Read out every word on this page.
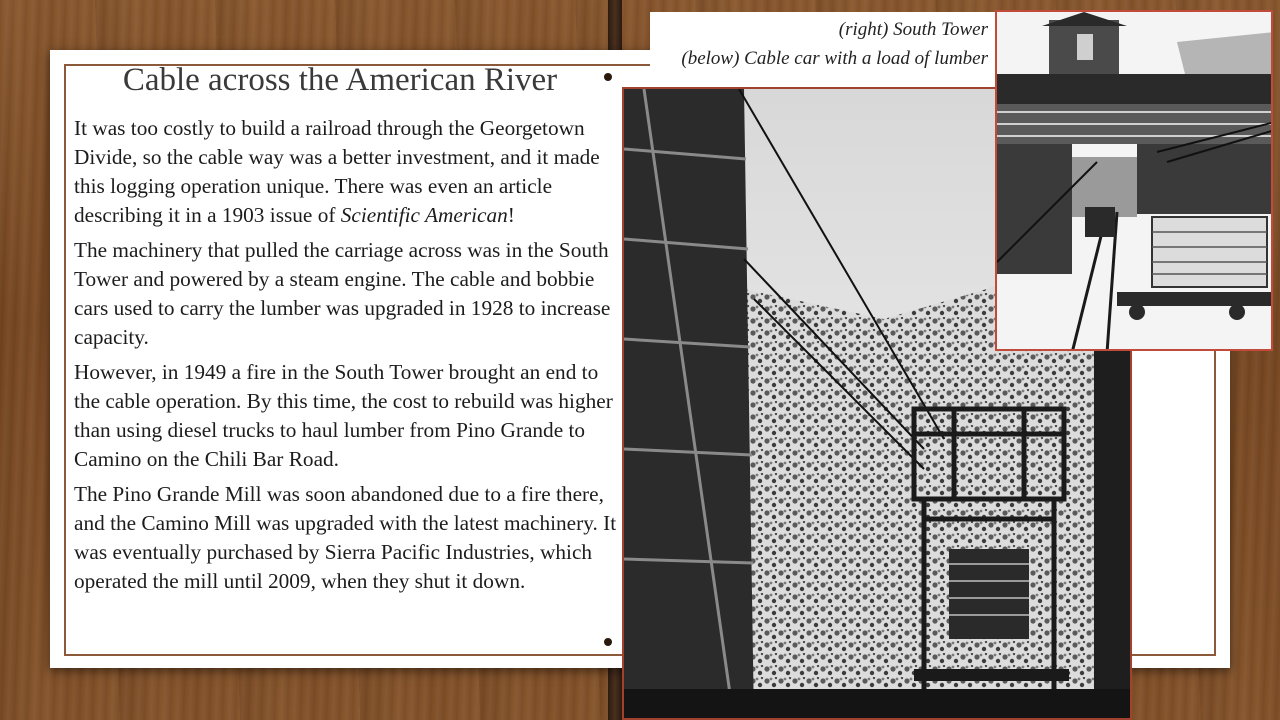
Cable across the American River

It was too costly to build a railroad through the Georgetown Divide, so the cable way was a better investment, and it made this logging operation unique. There was even an article describing it in a 1903 issue of Scientific American!

The machinery that pulled the carriage across was in the South Tower and powered by a steam engine. The cable and bobbie cars used to carry the lumber was upgraded in 1928 to increase capacity.

However, in 1949 a fire in the South Tower brought an end to the cable operation. By this time, the cost to rebuild was higher than using diesel trucks to haul lumber from Pino Grande to Camino on the Chili Bar Road.

The Pino Grande Mill was soon abandoned due to a fire there, and the Camino Mill was upgraded with the latest machinery. It was eventually purchased by Sierra Pacific Industries, which operated the mill until 2009, when they shut it down.

(right) South Tower
(below) Cable car with a load of lumber
